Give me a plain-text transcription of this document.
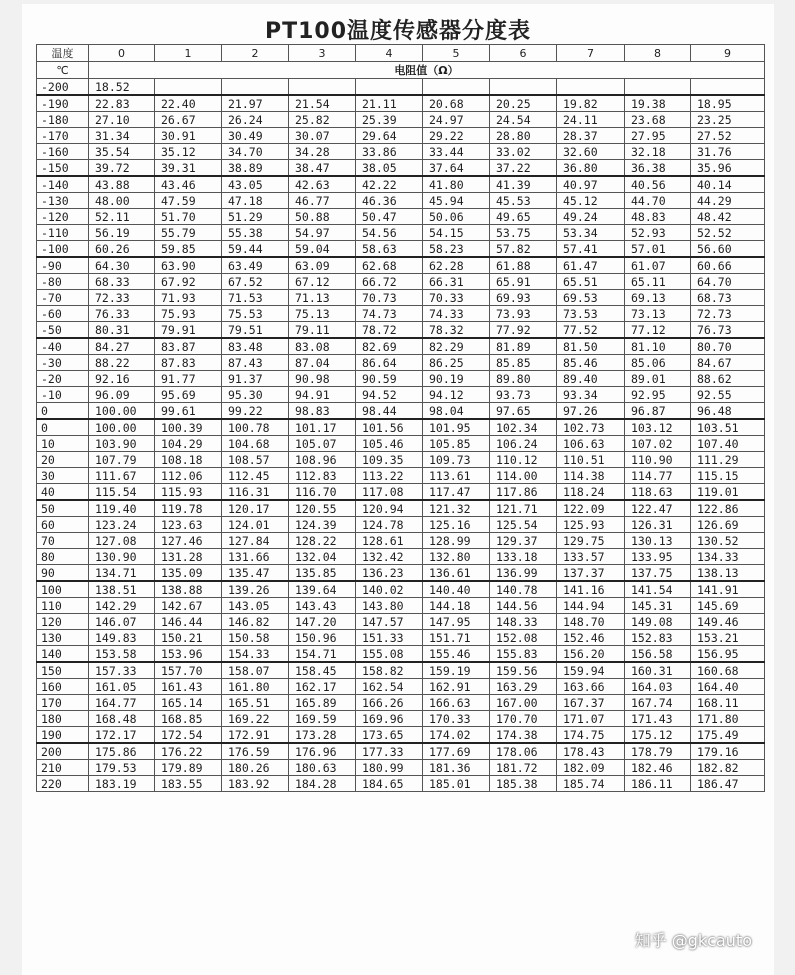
PT100温度传感器分度表
温度	0	1	2	3	4	5	6	7	8	9
℃	电阻值（Ω）									
-200	18.52									
-190	22.83	22.40	21.97	21.54	21.11	20.68	20.25	19.82	19.38	18.95
-180	27.10	26.67	26.24	25.82	25.39	24.97	24.54	24.11	23.68	23.25
-170	31.34	30.91	30.49	30.07	29.64	29.22	28.80	28.37	27.95	27.52
-160	35.54	35.12	34.70	34.28	33.86	33.44	33.02	32.60	32.18	31.76
-150	39.72	39.31	38.89	38.47	38.05	37.64	37.22	36.80	36.38	35.96
-140	43.88	43.46	43.05	42.63	42.22	41.80	41.39	40.97	40.56	40.14
-130	48.00	47.59	47.18	46.77	46.36	45.94	45.53	45.12	44.70	44.29
-120	52.11	51.70	51.29	50.88	50.47	50.06	49.65	49.24	48.83	48.42
-110	56.19	55.79	55.38	54.97	54.56	54.15	53.75	53.34	52.93	52.52
-100	60.26	59.85	59.44	59.04	58.63	58.23	57.82	57.41	57.01	56.60
-90	64.30	63.90	63.49	63.09	62.68	62.28	61.88	61.47	61.07	60.66
-80	68.33	67.92	67.52	67.12	66.72	66.31	65.91	65.51	65.11	64.70
-70	72.33	71.93	71.53	71.13	70.73	70.33	69.93	69.53	69.13	68.73
-60	76.33	75.93	75.53	75.13	74.73	74.33	73.93	73.53	73.13	72.73
-50	80.31	79.91	79.51	79.11	78.72	78.32	77.92	77.52	77.12	76.73
-40	84.27	83.87	83.48	83.08	82.69	82.29	81.89	81.50	81.10	80.70
-30	88.22	87.83	87.43	87.04	86.64	86.25	85.85	85.46	85.06	84.67
-20	92.16	91.77	91.37	90.98	90.59	90.19	89.80	89.40	89.01	88.62
-10	96.09	95.69	95.30	94.91	94.52	94.12	93.73	93.34	92.95	92.55
0	100.00	99.61	99.22	98.83	98.44	98.04	97.65	97.26	96.87	96.48
0	100.00	100.39	100.78	101.17	101.56	101.95	102.34	102.73	103.12	103.51
10	103.90	104.29	104.68	105.07	105.46	105.85	106.24	106.63	107.02	107.40
20	107.79	108.18	108.57	108.96	109.35	109.73	110.12	110.51	110.90	111.29
30	111.67	112.06	112.45	112.83	113.22	113.61	114.00	114.38	114.77	115.15
40	115.54	115.93	116.31	116.70	117.08	117.47	117.86	118.24	118.63	119.01
50	119.40	119.78	120.17	120.55	120.94	121.32	121.71	122.09	122.47	122.86
60	123.24	123.63	124.01	124.39	124.78	125.16	125.54	125.93	126.31	126.69
70	127.08	127.46	127.84	128.22	128.61	128.99	129.37	129.75	130.13	130.52
80	130.90	131.28	131.66	132.04	132.42	132.80	133.18	133.57	133.95	134.33
90	134.71	135.09	135.47	135.85	136.23	136.61	136.99	137.37	137.75	138.13
100	138.51	138.88	139.26	139.64	140.02	140.40	140.78	141.16	141.54	141.91
110	142.29	142.67	143.05	143.43	143.80	144.18	144.56	144.94	145.31	145.69
120	146.07	146.44	146.82	147.20	147.57	147.95	148.33	148.70	149.08	149.46
130	149.83	150.21	150.58	150.96	151.33	151.71	152.08	152.46	152.83	153.21
140	153.58	153.96	154.33	154.71	155.08	155.46	155.83	156.20	156.58	156.95
150	157.33	157.70	158.07	158.45	158.82	159.19	159.56	159.94	160.31	160.68
160	161.05	161.43	161.80	162.17	162.54	162.91	163.29	163.66	164.03	164.40
170	164.77	165.14	165.51	165.89	166.26	166.63	167.00	167.37	167.74	168.11
180	168.48	168.85	169.22	169.59	169.96	170.33	170.70	171.07	171.43	171.80
190	172.17	172.54	172.91	173.28	173.65	174.02	174.38	174.75	175.12	175.49
200	175.86	176.22	176.59	176.96	177.33	177.69	178.06	178.43	178.79	179.16
210	179.53	179.89	180.26	180.63	180.99	181.36	181.72	182.09	182.46	182.82
220	183.19	183.55	183.92	184.28	184.65	185.01	185.38	185.74	186.11	186.47
知乎 @gkcauto
